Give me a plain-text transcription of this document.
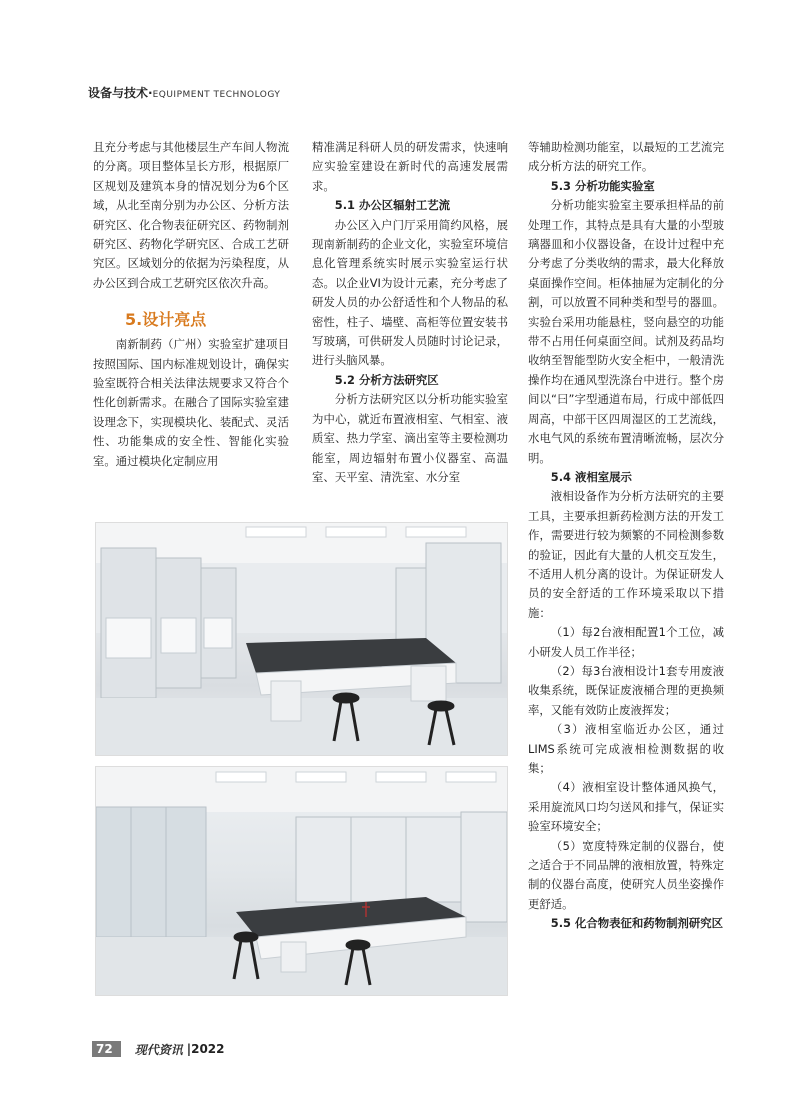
设备与技术·EQUIPMENT TECHNOLOGY

且充分考虑与其他楼层生产车间人物流的分离。项目整体呈长方形，根据原厂区规划及建筑本身的情况划分为6个区域，从北至南分别为办公区、分析方法研究区、化合物表征研究区、药物制剂研究区、药物化学研究区、合成工艺研究区。区域划分的依据为污染程度，从办公区到合成工艺研究区依次升高。

5.设计亮点

南新制药（广州）实验室扩建项目按照国际、国内标准规划设计，确保实验室既符合相关法律法规要求又符合个性化创新需求。在融合了国际实验室建设理念下，实现模块化、装配式、灵活性、功能集成的安全性、智能化实验室。通过模块化定制应用

精准满足科研人员的研发需求，快速响应实验室建设在新时代的高速发展需求。

5.1 办公区辐射工艺流

办公区入户门厅采用简约风格，展现南新制药的企业文化，实验室环境信息化管理系统实时展示实验室运行状态。以企业VI为设计元素，充分考虑了研发人员的办公舒适性和个人物品的私密性，柱子、墙壁、高柜等位置安装书写玻璃，可供研发人员随时讨论记录，进行头脑风暴。

5.2 分析方法研究区

分析方法研究区以分析功能实验室为中心，就近布置液相室、气相室、液质室、热力学室、滴出室等主要检测功能室，周边辐射布置小仪器室、高温室、天平室、清洗室、水分室

等辅助检测功能室，以最短的工艺流完成分析方法的研究工作。

5.3 分析功能实验室

分析功能实验室主要承担样品的前处理工作，其特点是具有大量的小型玻璃器皿和小仪器设备，在设计过程中充分考虑了分类收纳的需求，最大化释放桌面操作空间。柜体抽屉为定制化的分割，可以放置不同种类和型号的器皿。实验台采用功能悬柱，竖向悬空的功能带不占用任何桌面空间。试剂及药品均收纳至智能型防火安全柜中，一般清洗操作均在通风型洗涤台中进行。整个房间以“曰”字型通道布局，行成中部低四周高，中部干区四周湿区的工艺流线，水电气风的系统布置清晰流畅，层次分明。

5.4 液相室展示

液相设备作为分析方法研究的主要工具，主要承担新药检测方法的开发工作，需要进行较为频繁的不同检测参数的验证，因此有大量的人机交互发生，不适用人机分离的设计。为保证研发人员的安全舒适的工作环境采取以下措施：

（1）每2台液相配置1个工位，减小研发人员工作半径；

（2）每3台液相设计1套专用废液收集系统，既保证废液桶合理的更换频率，又能有效防止废液挥发；

（3）液相室临近办公区，通过LIMS系统可完成液相检测数据的收集；

（4）液相室设计整体通风换气，采用旋流风口均匀送风和排气，保证实验室环境安全；

（5）宽度特殊定制的仪器台，使之适合于不同品牌的液相放置，特殊定制的仪器台高度，使研究人员坐姿操作更舒适。

5.5 化合物表征和药物制剂研究区

72	现代资讯 |2022
